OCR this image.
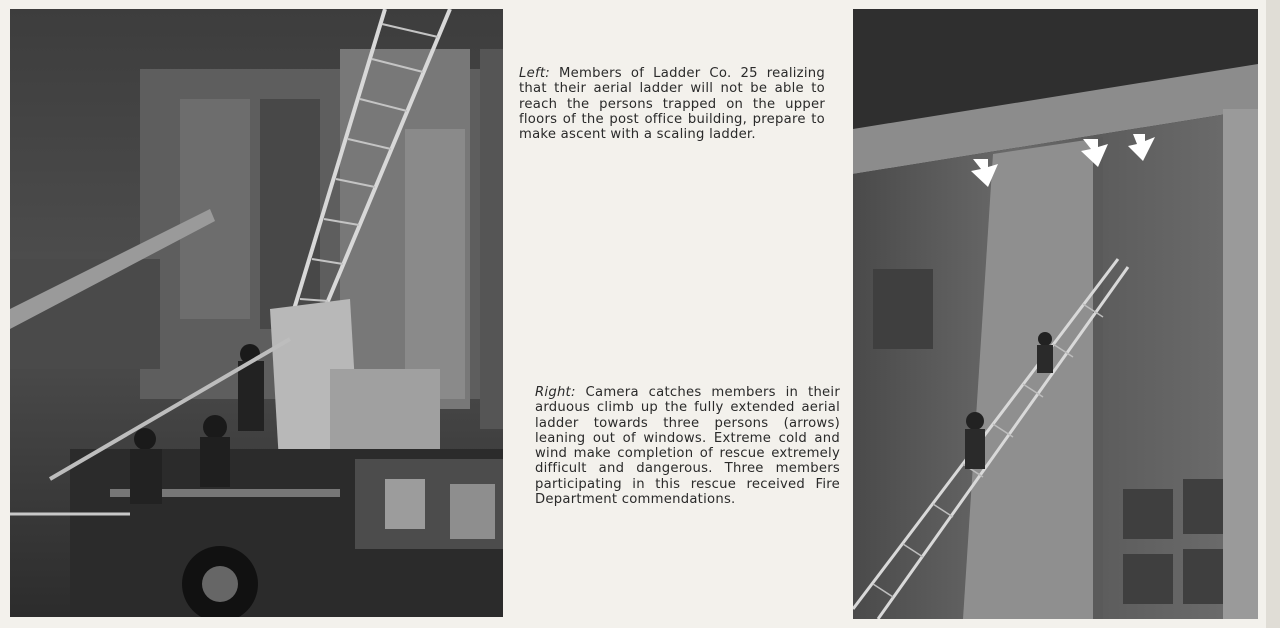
Left: Members of Ladder Co. 25 realizing that their aerial ladder will not be able to reach the persons trapped on the upper floors of the post office building, prepare to make ascent with a scaling ladder.
Right: Camera catches members in their arduous climb up the fully extended aerial ladder towards three persons (arrows) leaning out of windows. Extreme cold and wind make completion of rescue extremely difficult and dangerous. Three members participating in this rescue received Fire Department commendations.
